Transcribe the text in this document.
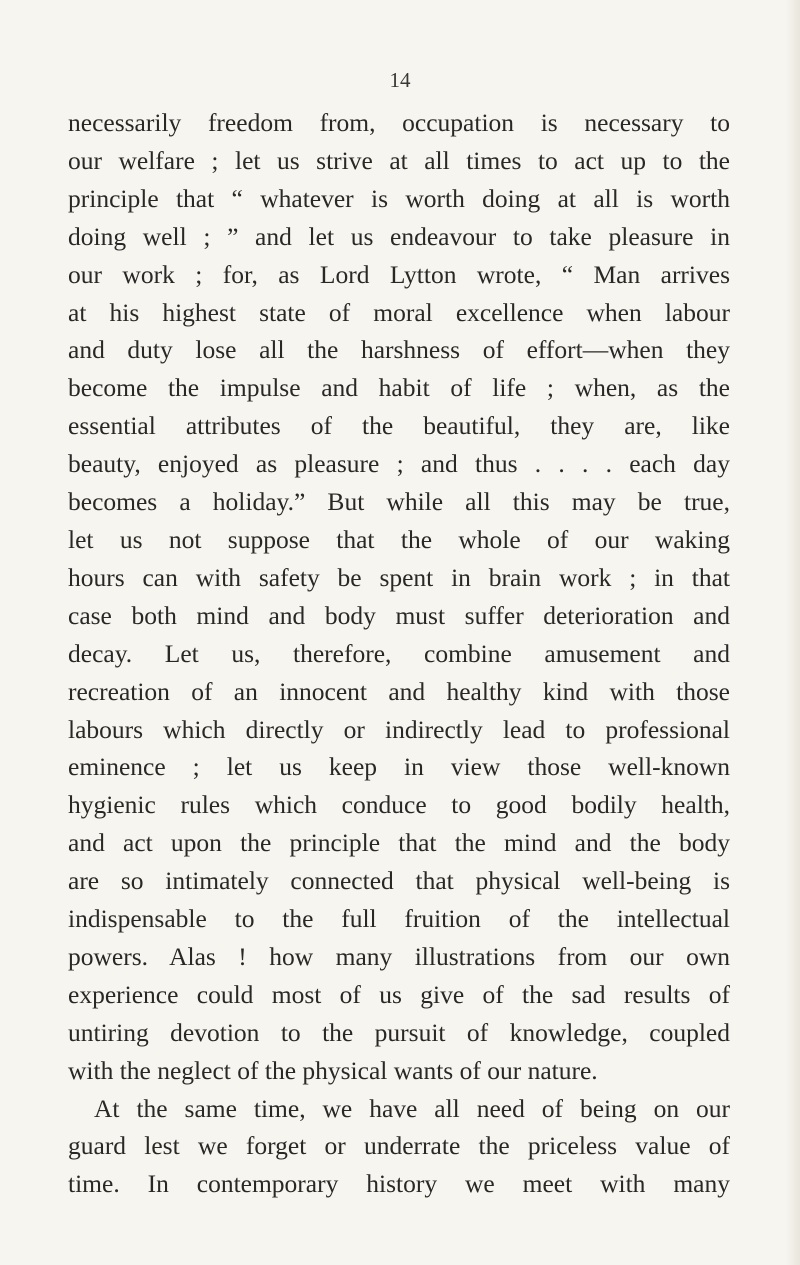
14
necessarily freedom from, occupation is necessary to
our welfare ; let us strive at all times to act up to the
principle that “ whatever is worth doing at all is worth
doing well ; ” and let us endeavour to take pleasure in
our work ; for, as Lord Lytton wrote, “ Man arrives
at his highest state of moral excellence when labour
and duty lose all the harshness of effort—when they
become the impulse and habit of life ; when, as the
essential attributes of the beautiful, they are, like
beauty, enjoyed as pleasure ; and thus . . . . each day
becomes a holiday.” But while all this may be true,
let us not suppose that the whole of our waking
hours can with safety be spent in brain work ; in that
case both mind and body must suffer deterioration and
decay. Let us, therefore, combine amusement and
recreation of an innocent and healthy kind with those
labours which directly or indirectly lead to professional
eminence ; let us keep in view those well-known
hygienic rules which conduce to good bodily health,
and act upon the principle that the mind and the body
are so intimately connected that physical well-being is
indispensable to the full fruition of the intellectual
powers. Alas ! how many illustrations from our own
experience could most of us give of the sad results of
untiring devotion to the pursuit of knowledge, coupled
with the neglect of the physical wants of our nature.
At the same time, we have all need of being on our
guard lest we forget or underrate the priceless value of
time. In contemporary history we meet with many
